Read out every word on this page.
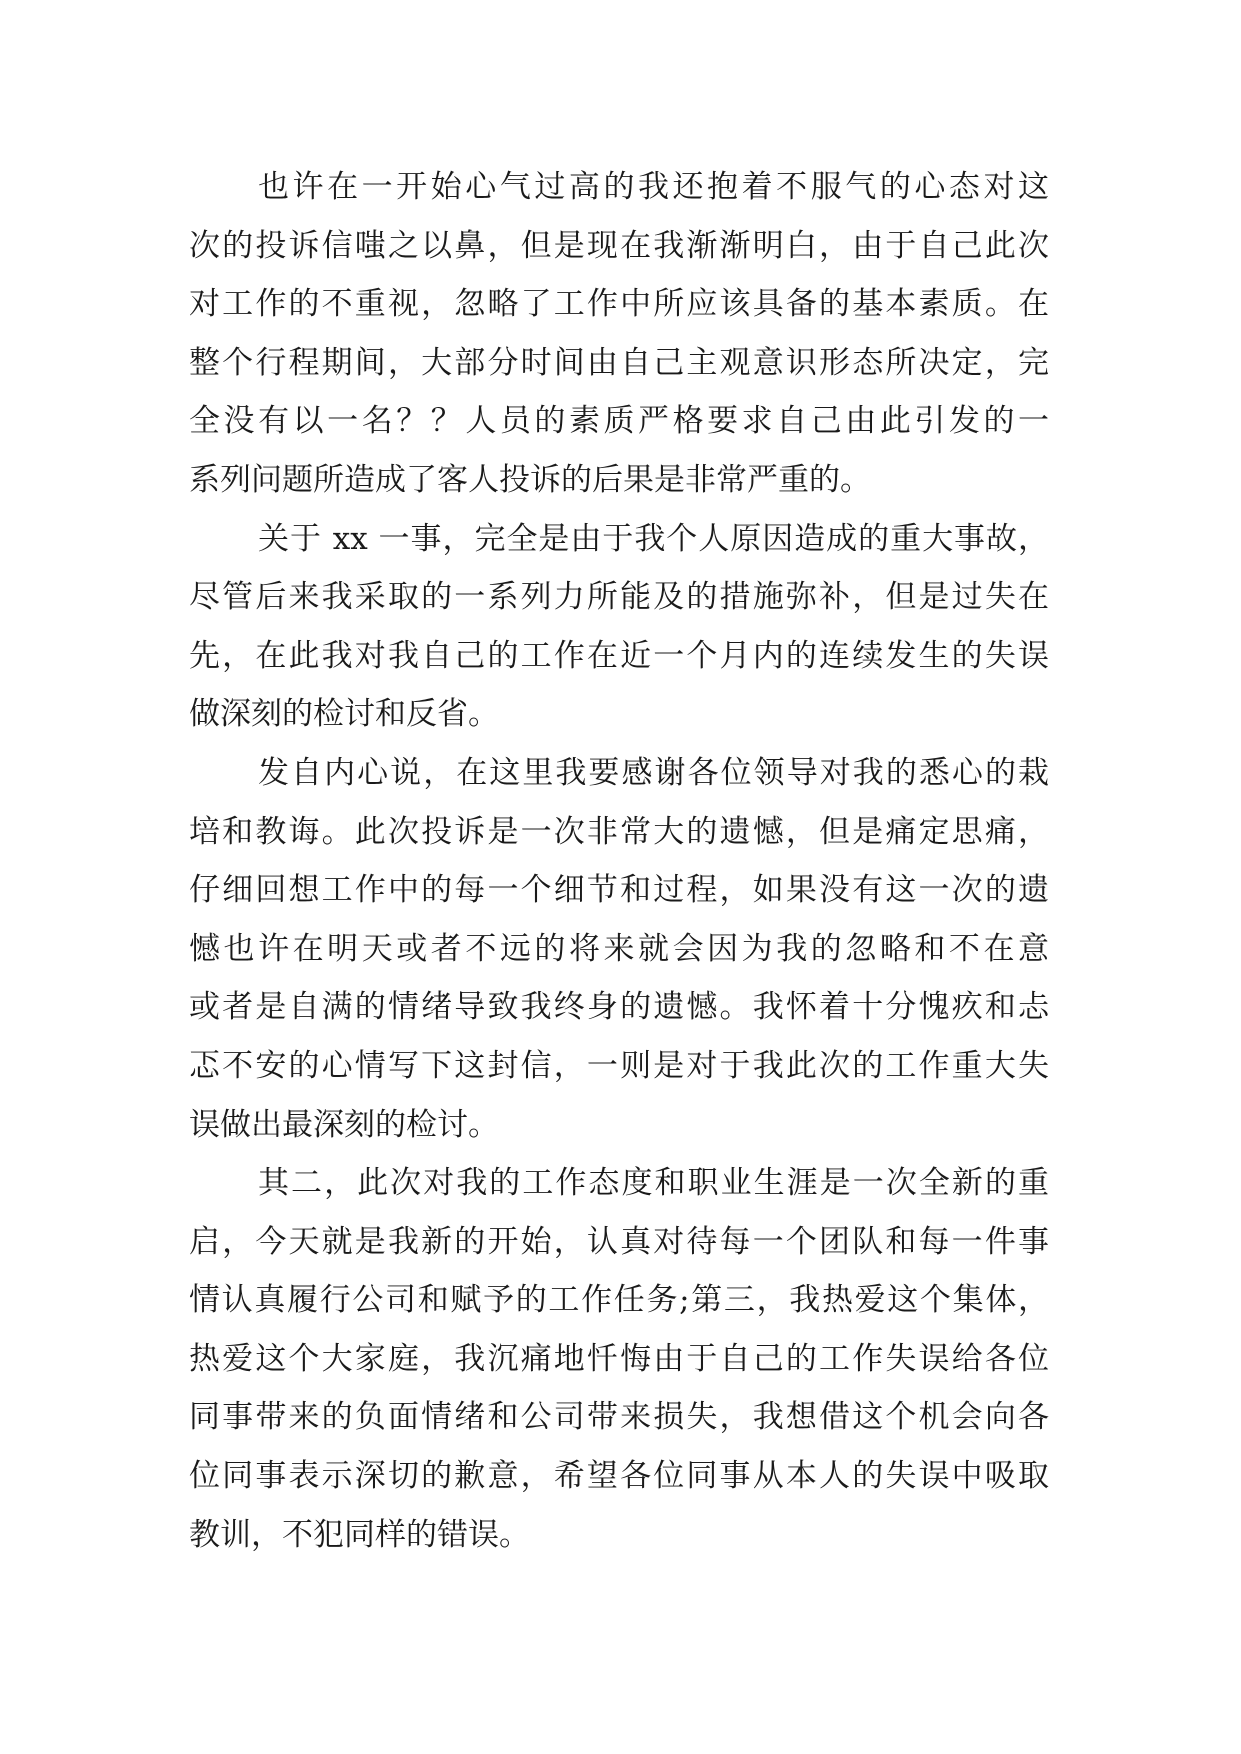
也许在一开始心气过高的我还抱着不服气的心态对这
次的投诉信嗤之以鼻，但是现在我渐渐明白，由于自己此次
对工作的不重视，忽略了工作中所应该具备的基本素质。在
整个行程期间，大部分时间由自己主观意识形态所决定，完
全没有以一名？？人员的素质严格要求自己由此引发的一
系列问题所造成了客人投诉的后果是非常严重的。
关于 xx 一事，完全是由于我个人原因造成的重大事故，
尽管后来我采取的一系列力所能及的措施弥补，但是过失在
先，在此我对我自己的工作在近一个月内的连续发生的失误
做深刻的检讨和反省。
发自内心说，在这里我要感谢各位领导对我的悉心的栽
培和教诲。此次投诉是一次非常大的遗憾，但是痛定思痛，
仔细回想工作中的每一个细节和过程，如果没有这一次的遗
憾也许在明天或者不远的将来就会因为我的忽略和不在意
或者是自满的情绪导致我终身的遗憾。我怀着十分愧疚和忐
忑不安的心情写下这封信，一则是对于我此次的工作重大失
误做出最深刻的检讨。
其二，此次对我的工作态度和职业生涯是一次全新的重
启，今天就是我新的开始，认真对待每一个团队和每一件事
情认真履行公司和赋予的工作任务;第三，我热爱这个集体，
热爱这个大家庭，我沉痛地忏悔由于自己的工作失误给各位
同事带来的负面情绪和公司带来损失，我想借这个机会向各
位同事表示深切的歉意，希望各位同事从本人的失误中吸取
教训，不犯同样的错误。
